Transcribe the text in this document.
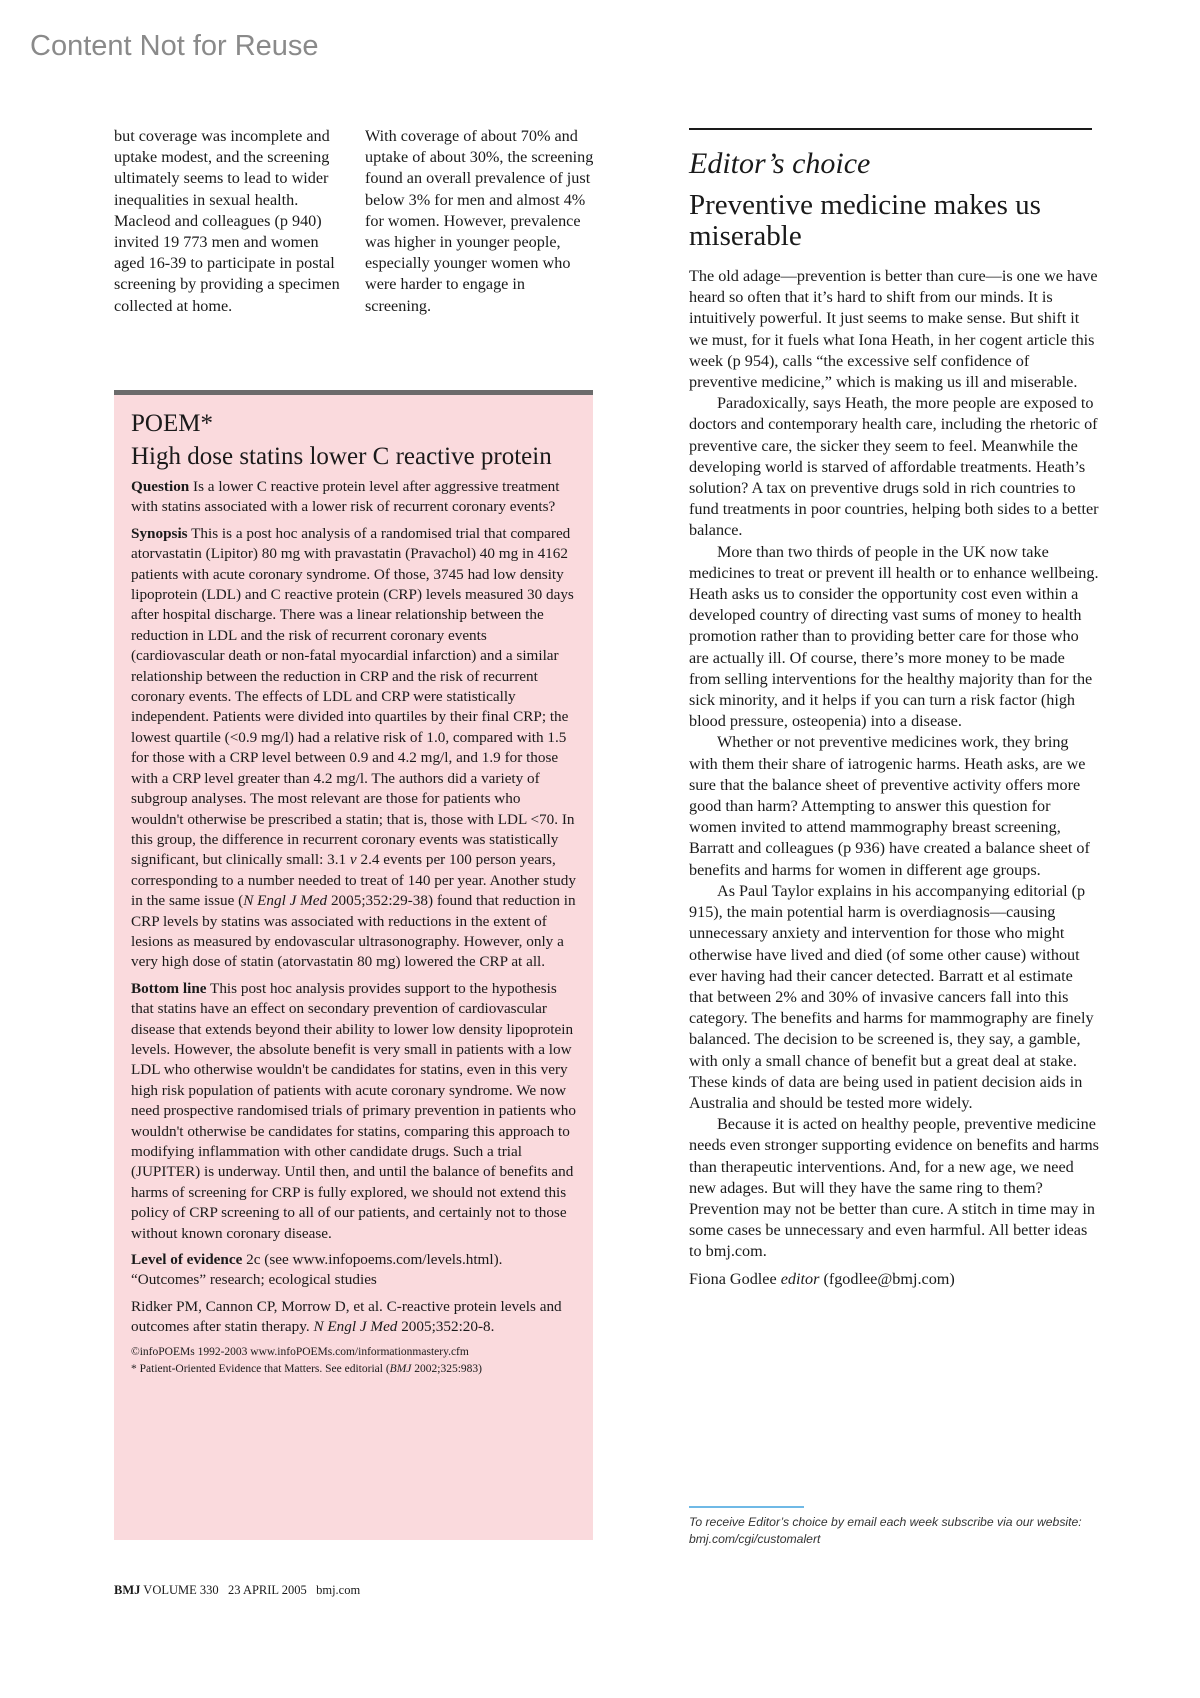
Content Not for Reuse

but coverage was incomplete and uptake modest, and the screening ultimately seems to lead to wider inequalities in sexual health. Macleod and colleagues (p 940) invited 19 773 men and women aged 16-39 to participate in postal screening by providing a specimen collected at home.

With coverage of about 70% and uptake of about 30%, the screening found an overall prevalence of just below 3% for men and almost 4% for women. However, prevalence was higher in younger people, especially younger women who were harder to engage in screening.

POEM*
High dose statins lower C reactive protein

Question Is a lower C reactive protein level after aggressive treatment with statins associated with a lower risk of recurrent coronary events?

Synopsis This is a post hoc analysis of a randomised trial that compared atorvastatin (Lipitor) 80 mg with pravastatin (Pravachol) 40 mg in 4162 patients with acute coronary syndrome. Of those, 3745 had low density lipoprotein (LDL) and C reactive protein (CRP) levels measured 30 days after hospital discharge. There was a linear relationship between the reduction in LDL and the risk of recurrent coronary events (cardiovascular death or non-fatal myocardial infarction) and a similar relationship between the reduction in CRP and the risk of recurrent coronary events. The effects of LDL and CRP were statistically independent. Patients were divided into quartiles by their final CRP; the lowest quartile (<0.9 mg/l) had a relative risk of 1.0, compared with 1.5 for those with a CRP level between 0.9 and 4.2 mg/l, and 1.9 for those with a CRP level greater than 4.2 mg/l. The authors did a variety of subgroup analyses. The most relevant are those for patients who wouldn't otherwise be prescribed a statin; that is, those with LDL <70. In this group, the difference in recurrent coronary events was statistically significant, but clinically small: 3.1 v 2.4 events per 100 person years, corresponding to a number needed to treat of 140 per year. Another study in the same issue (N Engl J Med 2005;352:29-38) found that reduction in CRP levels by statins was associated with reductions in the extent of lesions as measured by endovascular ultrasonography. However, only a very high dose of statin (atorvastatin 80 mg) lowered the CRP at all.

Bottom line This post hoc analysis provides support to the hypothesis that statins have an effect on secondary prevention of cardiovascular disease that extends beyond their ability to lower low density lipoprotein levels. However, the absolute benefit is very small in patients with a low LDL who otherwise wouldn't be candidates for statins, even in this very high risk population of patients with acute coronary syndrome. We now need prospective randomised trials of primary prevention in patients who wouldn't otherwise be candidates for statins, comparing this approach to modifying inflammation with other candidate drugs. Such a trial (JUPITER) is underway. Until then, and until the balance of benefits and harms of screening for CRP is fully explored, we should not extend this policy of CRP screening to all of our patients, and certainly not to those without known coronary disease.

Level of evidence 2c (see www.infopoems.com/levels.html). “Outcomes” research; ecological studies

Ridker PM, Cannon CP, Morrow D, et al. C-reactive protein levels and outcomes after statin therapy. N Engl J Med 2005;352:20-8.

©infoPOEMs 1992-2003 www.infoPOEMs.com/informationmastery.cfm

* Patient-Oriented Evidence that Matters. See editorial (BMJ 2002;325:983)

Editor’s choice
Preventive medicine makes us miserable

The old adage—prevention is better than cure—is one we have heard so often that it’s hard to shift from our minds. It is intuitively powerful. It just seems to make sense. But shift it we must, for it fuels what Iona Heath, in her cogent article this week (p 954), calls “the excessive self confidence of preventive medicine,” which is making us ill and miserable.

Paradoxically, says Heath, the more people are exposed to doctors and contemporary health care, including the rhetoric of preventive care, the sicker they seem to feel. Meanwhile the developing world is starved of affordable treatments. Heath’s solution? A tax on preventive drugs sold in rich countries to fund treatments in poor countries, helping both sides to a better balance.

More than two thirds of people in the UK now take medicines to treat or prevent ill health or to enhance wellbeing. Heath asks us to consider the opportunity cost even within a developed country of directing vast sums of money to health promotion rather than to providing better care for those who are actually ill. Of course, there’s more money to be made from selling interventions for the healthy majority than for the sick minority, and it helps if you can turn a risk factor (high blood pressure, osteopenia) into a disease.

Whether or not preventive medicines work, they bring with them their share of iatrogenic harms. Heath asks, are we sure that the balance sheet of preventive activity offers more good than harm? Attempting to answer this question for women invited to attend mammography breast screening, Barratt and colleagues (p 936) have created a balance sheet of benefits and harms for women in different age groups.

As Paul Taylor explains in his accompanying editorial (p 915), the main potential harm is overdiagnosis—causing unnecessary anxiety and intervention for those who might otherwise have lived and died (of some other cause) without ever having had their cancer detected. Barratt et al estimate that between 2% and 30% of invasive cancers fall into this category. The benefits and harms for mammography are finely balanced. The decision to be screened is, they say, a gamble, with only a small chance of benefit but a great deal at stake. These kinds of data are being used in patient decision aids in Australia and should be tested more widely.

Because it is acted on healthy people, preventive medicine needs even stronger supporting evidence on benefits and harms than therapeutic interventions. And, for a new age, we need new adages. But will they have the same ring to them? Prevention may not be better than cure. A stitch in time may in some cases be unnecessary and even harmful. All better ideas to bmj.com.

Fiona Godlee editor (fgodlee@bmj.com)

To receive Editor’s choice by email each week subscribe via our website:
bmj.com/cgi/customalert
BMJ VOLUME 330   23 APRIL 2005   bmj.com
